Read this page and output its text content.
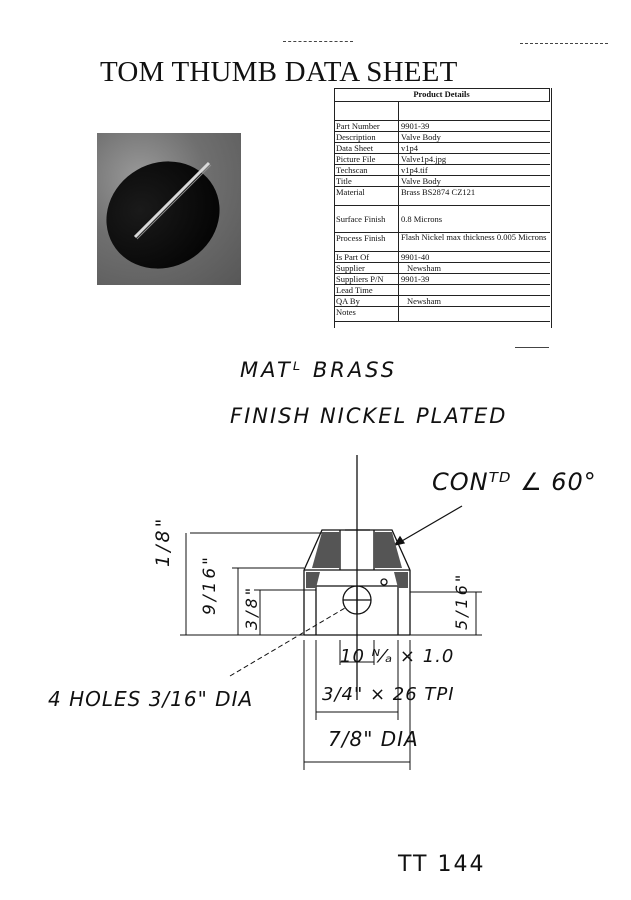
TOM THUMB DATA SHEET
Product Details	

Part Number	9901-39
Description	Valve Body
Data Sheet	v1p4
Picture File	Valve1p4.jpg
Techscan	v1p4.tif
Title	Valve Body
Material	Brass BS2874 CZ121
Surface Finish	0.8 Microns
Process Finish	Flash Nickel max thickness 0.005 Microns
Is Part Of	9901-40
Supplier	Newsham
Suppliers P/N	9901-39
Lead Time	
QA By	Newsham
Notes	
MATᴸ BRASS
FINISH NICKEL PLATED
CONᵀᴰ ∠ 60°
1/8"
9/16" 3/8"	5/16"
10 ᴺ⁄ₐ × 1.0
4 HOLES 3/16" DIA	3/4" × 26 TPI
7/8" DIA
TT 144
